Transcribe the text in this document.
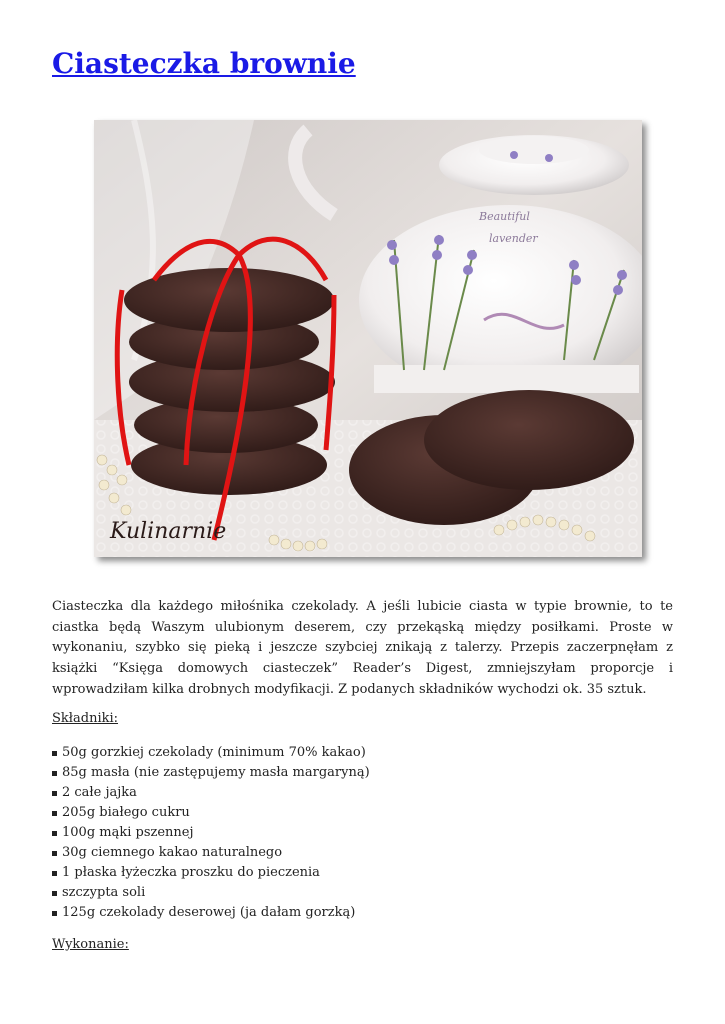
Ciasteczka brownie
Beautiful
lavender
Kulinarnie

Ciasteczka dla każdego miłośnika czekolady. A jeśli lubicie ciasta w typie brownie, to te ciastka będą Waszym ulubionym deserem, czy przekąską między posiłkami. Proste w wykonaniu, szybko się pieką i jeszcze szybciej znikają z talerzy. Przepis zaczerpnęłam z książki “Księga domowych ciasteczek” Reader’s Digest, zmniejszyłam proporcje i wprowadziłam kilka drobnych modyfikacji. Z podanych składników wychodzi ok. 35 sztuk.

Składniki:

50g gorzkiej czekolady (minimum 70% kakao)
85g masła (nie zastępujemy masła margaryną)
2 całe jajka
205g białego cukru
100g mąki pszennej
30g ciemnego kakao naturalnego
1 płaska łyżeczka proszku do pieczenia
szczypta soli
125g czekolady deserowej (ja dałam gorzką)

Wykonanie:
